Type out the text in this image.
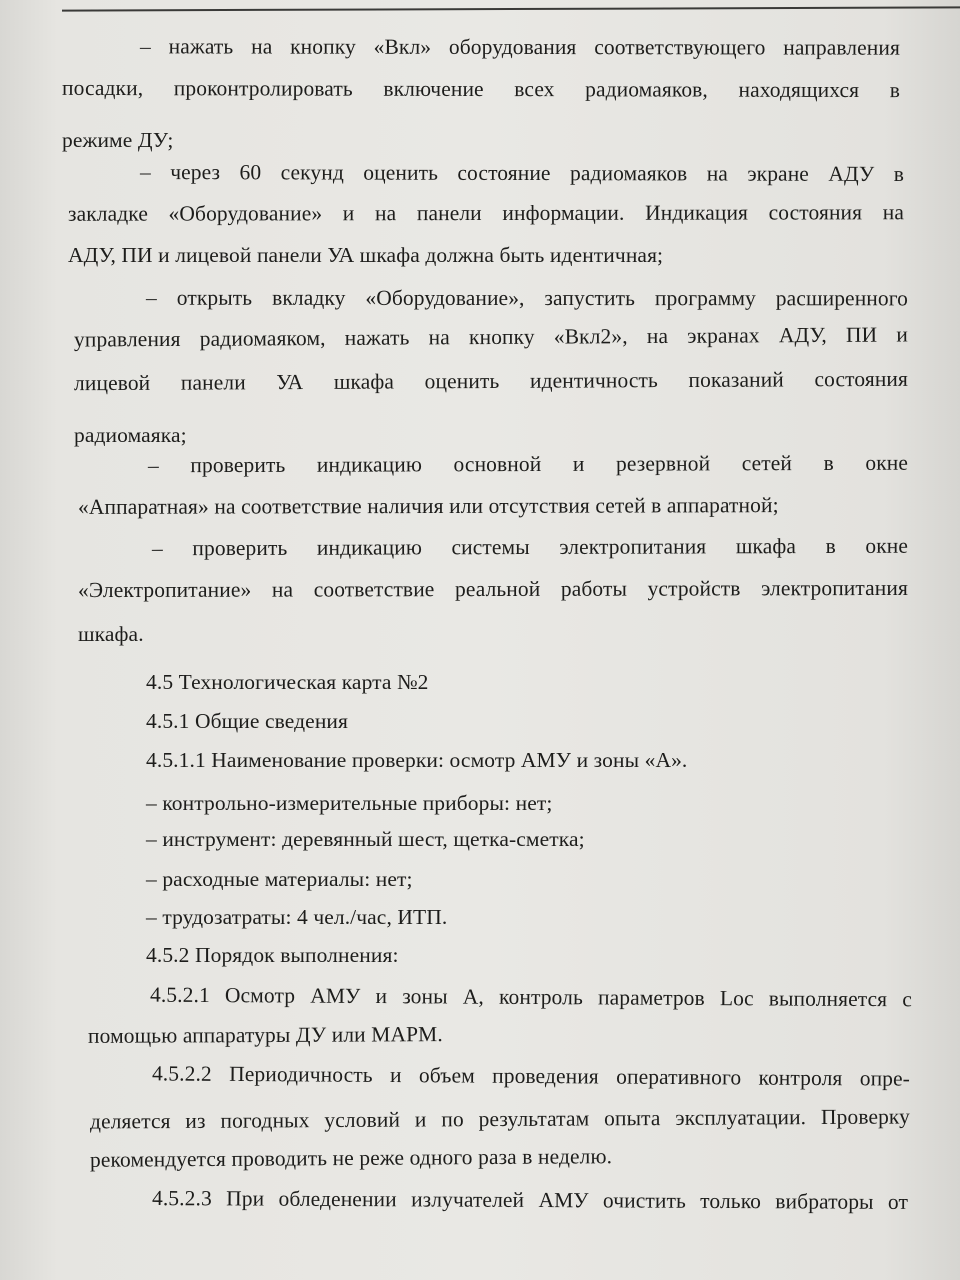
– нажать на кнопку «Вкл» оборудования соответствующего направления
посадки, проконтролировать включение всех радиомаяков, находящихся в
режиме ДУ;
– через 60 секунд оценить состояние радиомаяков на экране АДУ в
закладке «Оборудование» и на панели информации. Индикация состояния на
АДУ, ПИ и лицевой панели УА шкафа должна быть идентичная;
– открыть вкладку «Оборудование», запустить программу расширенного
управления радиомаяком, нажать на кнопку «Вкл2», на экранах АДУ, ПИ и
лицевой панели УА шкафа оценить идентичность показаний состояния
радиомаяка;
– проверить индикацию основной и резервной сетей в окне
«Аппаратная» на соответствие наличия или отсутствия сетей в аппаратной;
– проверить индикацию системы электропитания шкафа в окне
«Электропитание» на соответствие реальной работы устройств электропитания
шкафа.
4.5 Технологическая карта №2
4.5.1 Общие сведения
4.5.1.1 Наименование проверки: осмотр АМУ и зоны «А».
– контрольно-измерительные приборы: нет;
– инструмент: деревянный шест, щетка-сметка;
– расходные материалы: нет;
– трудозатраты: 4 чел./час, ИТП.
4.5.2 Порядок выполнения:
4.5.2.1 Осмотр АМУ и зоны А, контроль параметров Loc выполняется с
помощью аппаратуры ДУ или МАРМ.
4.5.2.2 Периодичность и объем проведения оперативного контроля опре-
деляется из погодных условий и по результатам опыта эксплуатации. Проверку
рекомендуется проводить не реже одного раза в неделю.
4.5.2.3 При обледенении излучателей АМУ очистить только вибраторы от
